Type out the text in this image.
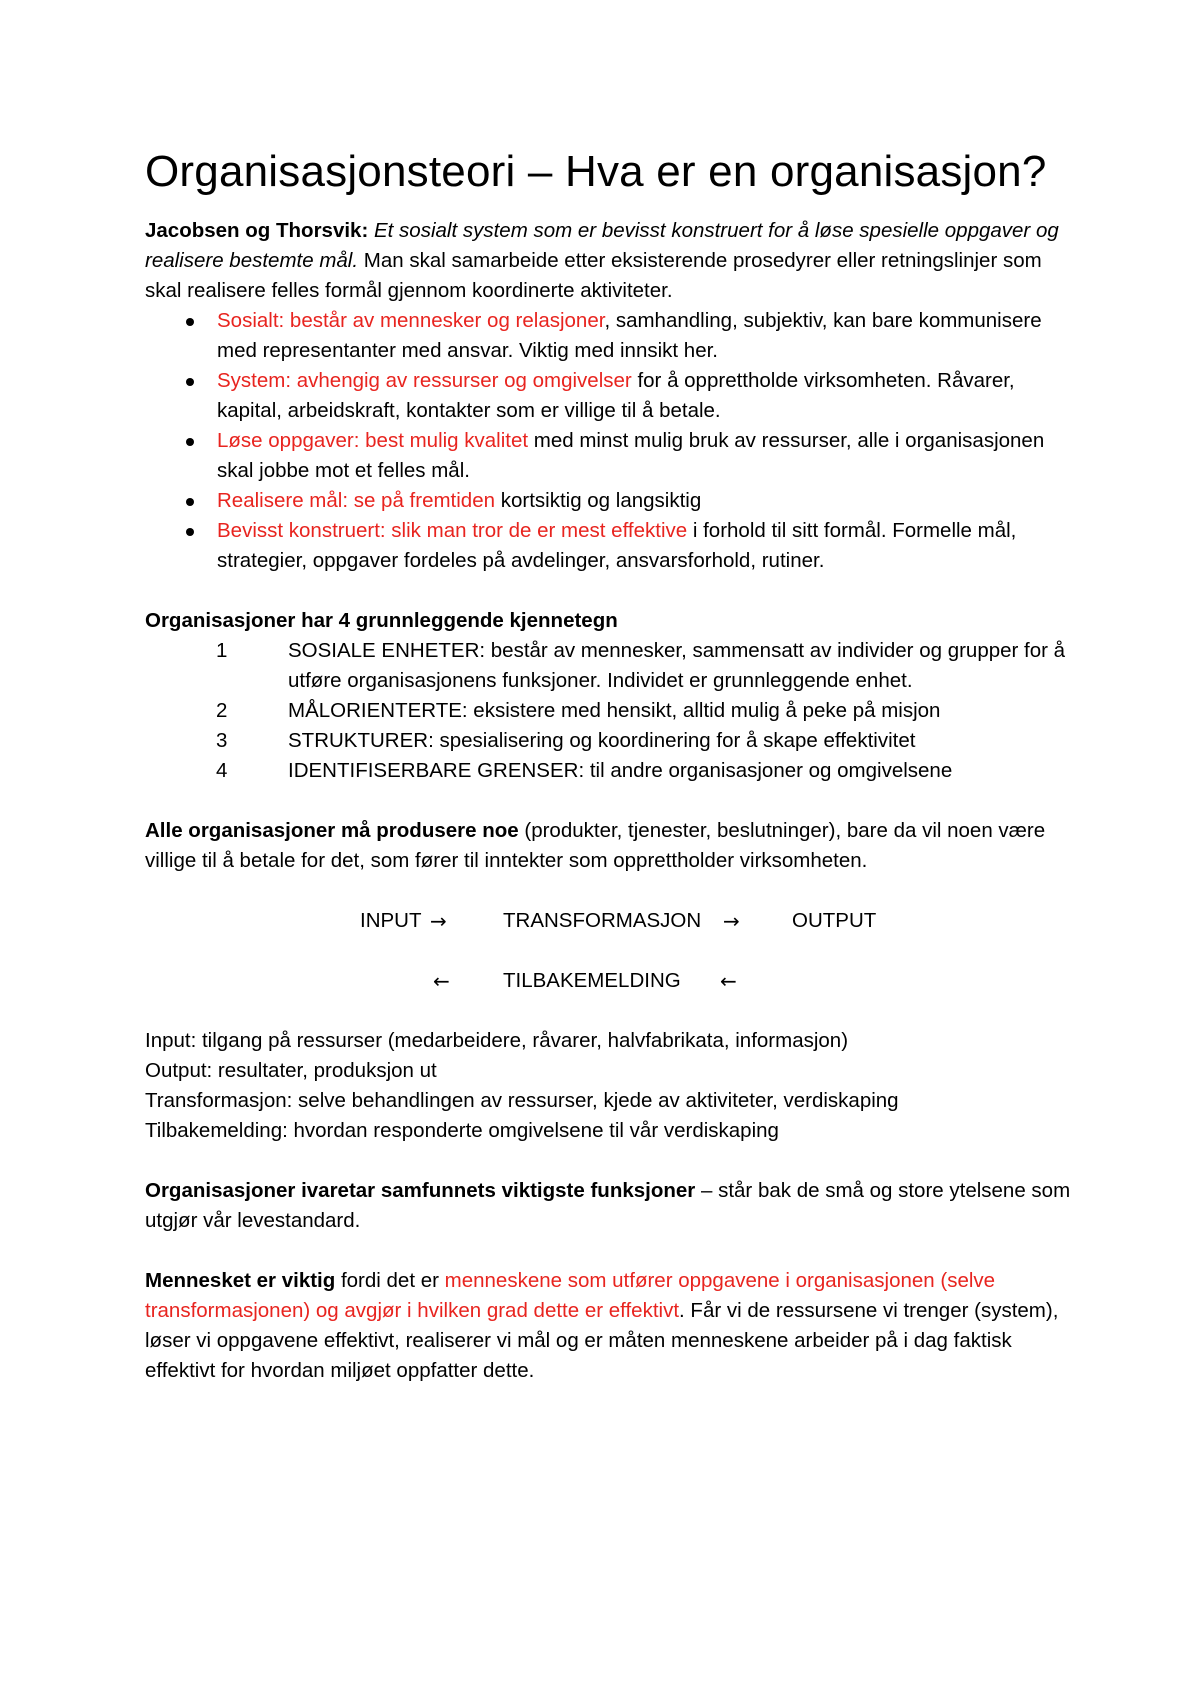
Organisasjonsteori – Hva er en organisasjon?

Jacobsen og Thorsvik: Et sosialt system som er bevisst konstruert for å løse spesielle oppgaver og realisere bestemte mål. Man skal samarbeide etter eksisterende prosedyrer eller retningslinjer som skal realisere felles formål gjennom koordinerte aktiviteter.

Sosialt: består av mennesker og relasjoner, samhandling, subjektiv, kan bare kommunisere med representanter med ansvar. Viktig med innsikt her.
System: avhengig av ressurser og omgivelser for å opprettholde virksomheten. Råvarer, kapital, arbeidskraft, kontakter som er villige til å betale.
Løse oppgaver: best mulig kvalitet med minst mulig bruk av ressurser, alle i organisasjonen skal jobbe mot et felles mål.
Realisere mål: se på fremtiden kortsiktig og langsiktig
Bevisst konstruert: slik man tror de er mest effektive i forhold til sitt formål. Formelle mål, strategier, oppgaver fordeles på avdelinger, ansvarsforhold, rutiner.

Organisasjoner har 4 grunnleggende kjennetegn

1	SOSIALE ENHETER: består av mennesker, sammensatt av individer og grupper for å utføre organisasjonens funksjoner. Individet er grunnleggende enhet.
2	MÅLORIENTERTE: eksistere med hensikt, alltid mulig å peke på misjon
3	STRUKTURER: spesialisering og koordinering for å skape effektivitet
4	IDENTIFISERBARE GRENSER: til andre organisasjoner og omgivelsene

Alle organisasjoner må produsere noe (produkter, tjenester, beslutninger), bare da vil noen være villige til å betale for det, som fører til inntekter som opprettholder virksomheten.

INPUT →	TRANSFORMASJON →	OUTPUT
←	TILBAKEMELDING ←

Input: tilgang på ressurser (medarbeidere, råvarer, halvfabrikata, informasjon)

Output: resultater, produksjon ut

Transformasjon: selve behandlingen av ressurser, kjede av aktiviteter, verdiskaping

Tilbakemelding: hvordan responderte omgivelsene til vår verdiskaping

Organisasjoner ivaretar samfunnets viktigste funksjoner – står bak de små og store ytelsene som utgjør vår levestandard.

Mennesket er viktig fordi det er menneskene som utfører oppgavene i organisasjonen (selve transformasjonen) og avgjør i hvilken grad dette er effektivt. Får vi de ressursene vi trenger (system), løser vi oppgavene effektivt, realiserer vi mål og er måten menneskene arbeider på i dag faktisk effektivt for hvordan miljøet oppfatter dette.
